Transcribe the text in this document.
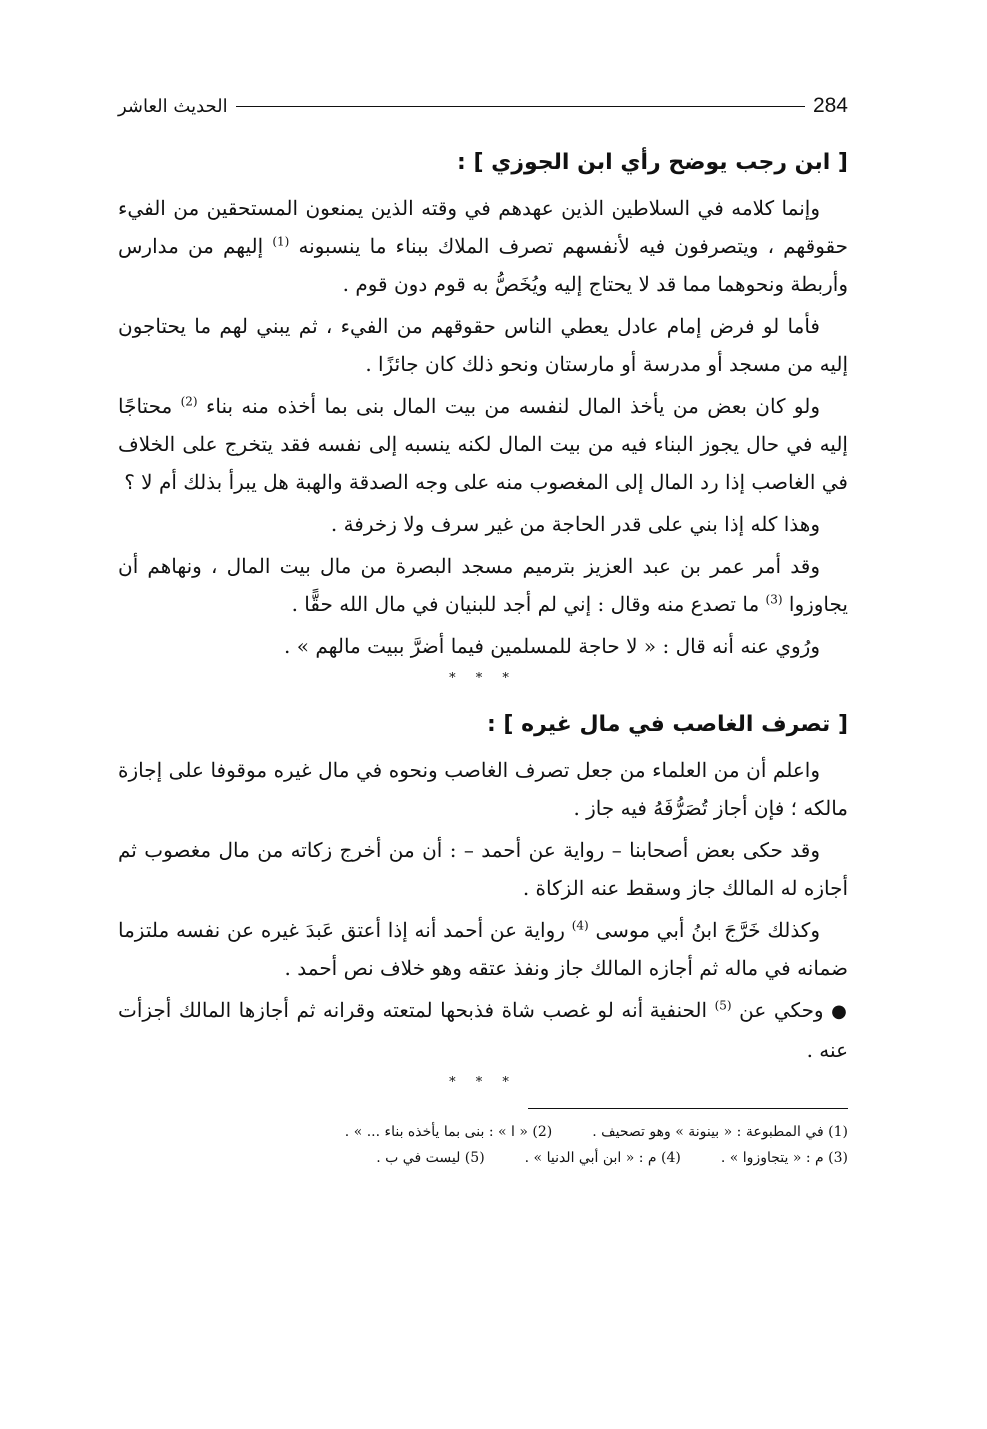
284
الحديث العاشر
[ ابن رجب يوضح رأي ابن الجوزي ] :

وإنما كلامه في السلاطين الذين عهدهم في وقته الذين يمنعون المستحقين من الفيء حقوقهم ، ويتصرفون فيه لأنفسهم تصرف الملاك ببناء ما ينسبونه $^{(1)}$ إليهم من مدارس وأربطة ونحوهما مما قد لا يحتاج إليه ويُخَصُّ به قوم دون قوم .

فأما لو فرض إمام عادل يعطي الناس حقوقهم من الفيء ، ثم يبني لهم ما يحتاجون إليه من مسجد أو مدرسة أو مارستان ونحو ذلك كان جائزًا .

ولو كان بعض من يأخذ المال لنفسه من بيت المال بنى بما أخذه منه بناء $^{(2)}$ محتاجًا إليه في حال يجوز البناء فيه من بيت المال لكنه ينسبه إلى نفسه فقد يتخرج على الخلاف في الغاصب إذا رد المال إلى المغصوب منه على وجه الصدقة والهبة هل يبرأ بذلك أم لا ؟

وهذا كله إذا بني على قدر الحاجة من غير سرف ولا زخرفة .

وقد أمر عمر بن عبد العزيز بترميم مسجد البصرة من مال بيت المال ، ونهاهم أن يجاوزوا $^{(3)}$ ما تصدع منه وقال : إني لم أجد للبنيان في مال الله حقًّا .

ورُوي عنه أنه قال : « لا حاجة للمسلمين فيما أضرَّ ببيت مالهم » .

* * *
[ تصرف الغاصب في مال غيره ] :

واعلم أن من العلماء من جعل تصرف الغاصب ونحوه في مال غيره موقوفا على إجازة مالكه ؛ فإن أجاز تُصَرُّفَهُ فيه جاز .

وقد حكى بعض أصحابنا – رواية عن أحمد – : أن من أخرج زكاته من مال مغصوب ثم أجازه له المالك جاز وسقط عنه الزكاة .

وكذلك خَرَّجَ ابنُ أبي موسى $^{(4)}$ رواية عن أحمد أنه إذا أعتق عَبدَ غيره عن نفسه ملتزما ضمانه في ماله ثم أجازه المالك جاز ونفذ عتقه وهو خلاف نص أحمد .

● وحكي عن $^{(5)}$ الحنفية أنه لو غصب شاة فذبحها لمتعته وقرانه ثم أجازها المالك أجزأت عنه .

* * *
(1) في المطبوعة : « بينونة » وهو تصحيف .
(2) « ا » : بنى بما يأخذه بناء ... » .
(3) م : « يتجاوزوا » .
(4) م : « ابن أبي الدنيا » .
(5) ليست في ب .
